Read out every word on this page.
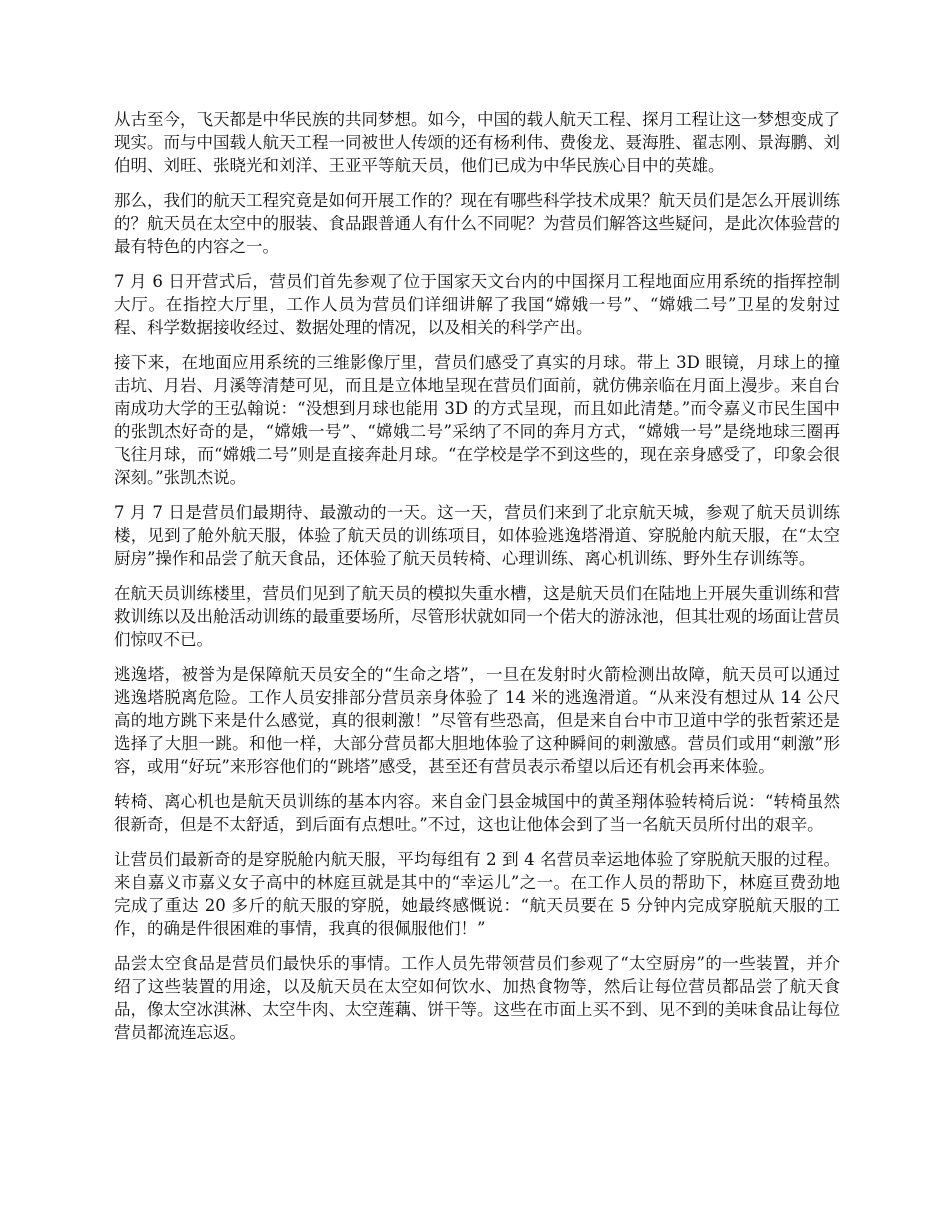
从古至今，飞天都是中华民族的共同梦想。如今，中国的载人航天工程、探月工程让这一梦想变成了现实。而与中国载人航天工程一同被世人传颂的还有杨利伟、费俊龙、聂海胜、翟志刚、景海鹏、刘伯明、刘旺、张晓光和刘洋、王亚平等航天员，他们已成为中华民族心目中的英雄。

那么，我们的航天工程究竟是如何开展工作的？现在有哪些科学技术成果？航天员们是怎么开展训练的？航天员在太空中的服装、食品跟普通人有什么不同呢？为营员们解答这些疑问，是此次体验营的最有特色的内容之一。

7 月 6 日开营式后，营员们首先参观了位于国家天文台内的中国探月工程地面应用系统的指挥控制大厅。在指控大厅里，工作人员为营员们详细讲解了我国“嫦娥一号”、“嫦娥二号”卫星的发射过程、科学数据接收经过、数据处理的情况，以及相关的科学产出。

接下来，在地面应用系统的三维影像厅里，营员们感受了真实的月球。带上 3D 眼镜，月球上的撞击坑、月岩、月溪等清楚可见，而且是立体地呈现在营员们面前，就仿佛亲临在月面上漫步。来自台南成功大学的王弘翰说：“没想到月球也能用 3D 的方式呈现，而且如此清楚。”而令嘉义市民生国中的张凯杰好奇的是，“嫦娥一号”、“嫦娥二号”采纳了不同的奔月方式，“嫦娥一号”是绕地球三圈再飞往月球，而“嫦娥二号”则是直接奔赴月球。“在学校是学不到这些的，现在亲身感受了，印象会很深刻。”张凯杰说。

7 月 7 日是营员们最期待、最激动的一天。这一天，营员们来到了北京航天城，参观了航天员训练楼，见到了舱外航天服，体验了航天员的训练项目，如体验逃逸塔滑道、穿脱舱内航天服，在“太空厨房”操作和品尝了航天食品，还体验了航天员转椅、心理训练、离心机训练、野外生存训练等。

在航天员训练楼里，营员们见到了航天员的模拟失重水槽，这是航天员们在陆地上开展失重训练和营救训练以及出舱活动训练的最重要场所，尽管形状就如同一个偌大的游泳池，但其壮观的场面让营员们惊叹不已。

逃逸塔，被誉为是保障航天员安全的“生命之塔”，一旦在发射时火箭检测出故障，航天员可以通过逃逸塔脱离危险。工作人员安排部分营员亲身体验了 14 米的逃逸滑道。“从来没有想过从 14 公尺高的地方跳下来是什么感觉，真的很刺激！”尽管有些恐高，但是来自台中市卫道中学的张哲萦还是选择了大胆一跳。和他一样，大部分营员都大胆地体验了这种瞬间的刺激感。营员们或用“刺激”形容，或用“好玩”来形容他们的“跳塔”感受，甚至还有营员表示希望以后还有机会再来体验。

转椅、离心机也是航天员训练的基本内容。来自金门县金城国中的黄圣翔体验转椅后说：“转椅虽然很新奇，但是不太舒适，到后面有点想吐。”不过，这也让他体会到了当一名航天员所付出的艰辛。

让营员们最新奇的是穿脱舱内航天服，平均每组有 2 到 4 名营员幸运地体验了穿脱航天服的过程。来自嘉义市嘉义女子高中的林庭亘就是其中的“幸运儿”之一。在工作人员的帮助下，林庭亘费劲地完成了重达 20 多斤的航天服的穿脱，她最终感慨说：“航天员要在 5 分钟内完成穿脱航天服的工作，的确是件很困难的事情，我真的很佩服他们！”

品尝太空食品是营员们最快乐的事情。工作人员先带领营员们参观了“太空厨房”的一些装置，并介绍了这些装置的用途，以及航天员在太空如何饮水、加热食物等，然后让每位营员都品尝了航天食品，像太空冰淇淋、太空牛肉、太空莲藕、饼干等。这些在市面上买不到、见不到的美味食品让每位营员都流连忘返。
